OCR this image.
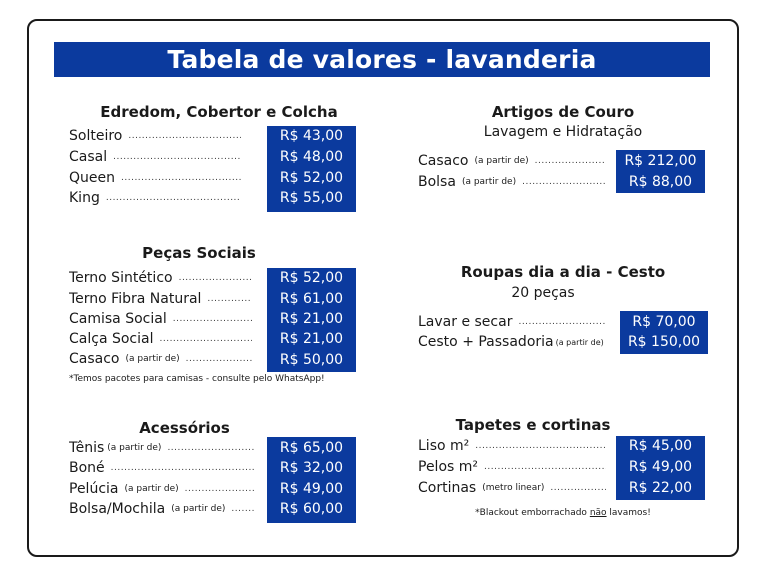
Tabela de valores - lavanderia
Edredom, Cobertor e Colcha
Solteiro .....	R$ 43,00
Casal .....	R$ 48,00
Queen .....	R$ 52,00
King .....	R$ 55,00
Peças Sociais
Terno Sintético .....	R$ 52,00
Terno Fibra Natural .....	R$ 61,00
Camisa Social .....	R$ 21,00
Calça Social .....	R$ 21,00
Casaco (a partir de) .....	R$ 50,00
*Temos pacotes para camisas - consulte pelo WhatsApp!
Acessórios
Tênis (a partir de) .....	R$ 65,00
Boné .....	R$ 32,00
Pelúcia (a partir de) .....	R$ 49,00
Bolsa/Mochila (a partir de) .....	R$ 60,00
Artigos de Couro
Lavagem e Hidratação
Casaco (a partir de) .....	R$ 212,00
Bolsa (a partir de) .....	R$ 88,00
Roupas dia a dia - Cesto
20 peças
Lavar e secar .....	R$ 70,00
Cesto + Passadoria (a partir de)	R$ 150,00
Tapetes e cortinas
Liso m² .....	R$ 45,00
Pelos m² .....	R$ 49,00
Cortinas (metro linear) .....	R$ 22,00
*Blackout emborrachado não lavamos!
